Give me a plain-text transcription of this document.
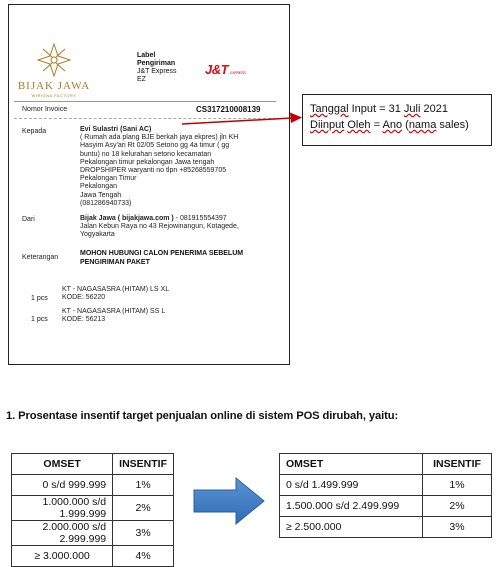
BIJAK JAWA
WIRIGNA FACTORY
Label
Pengiriman
J&T Express
EZ
J&T EXPRESS
Nomor Invoice	CS317210008139
Kepada	Evi Sulastri (Sani AC)
( Rumah ada plang BJE berkah jaya ekpres) jln KH
Hasyim Asy'ari Rt 02/05 Setono gg 4a timur ( gg
buntu) no 18 kelurahan setono kecamatan
Pekalongan timur pekalongan Jawa tengah
DROPSHIPER waryanti no tlpn +85268559705
Pekalongan Timur
Pekalongan
Jawa Tengah
(081286940733)
Dari	Bijak Jawa ( bijakjawa.com ) - 081915554397
Jalan Kebun Raya no 43 Rejowinangun, Kotagede,
Yogyakarta
Keterangan
MOHON HUBUNGI CALON PENERIMA SEBELUM PENGIRIMAN PAKET
1 pcs
KT - NAGASASRA (HITAM) LS XL
KODE: 56220
1 pcs
KT - NAGASASRA (HITAM) SS L
KODE: 56213
Tanggal Input = 31 Juli 2021
Diinput Oleh = Ano (nama sales)
1. Prosentase insentif target penjualan online di sistem POS dirubah, yaitu:
OMSET	INSENTIF
0 s/d 999.999	1%
1.000.000 s/d 1.999.999	2%
2.000.000 s/d 2.999.999	3%
≥ 3.000.000	4%
OMSET	INSENTIF
0 s/d 1.499.999	1%
1.500.000 s/d 2.499.999	2%
≥ 2.500.000	3%
